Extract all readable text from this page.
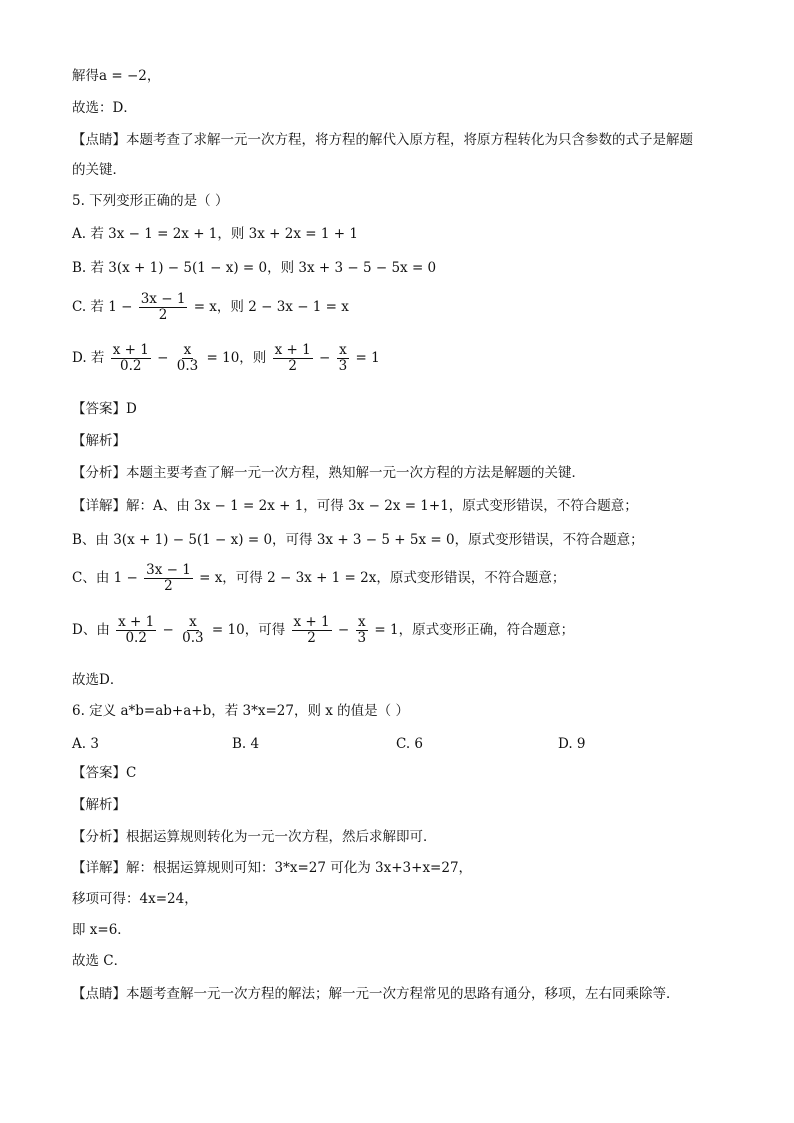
解得a = −2，
故选：D．
【点睛】本题考查了求解一元一次方程，将方程的解代入原方程，将原方程转化为只含参数的式子是解题
的关键．
5. 下列变形正确的是（ ）
A. 若 3x − 1 = 2x + 1，则 3x + 2x = 1 + 1
B. 若 3(x + 1) − 5(1 − x) = 0，则 3x + 3 − 5 − 5x = 0
C. 若 $1 - \frac{3x - 1}{2} = x$，则 2 − 3x − 1 = x
D. 若 $\frac{x + 1}{0.2} - \frac{x}{0.3} = 10$，则 $\frac{x + 1}{2} - \frac{x}{3} = 1$
【答案】D
【解析】
【分析】本题主要考查了解一元一次方程，熟知解一元一次方程的方法是解题的关键．
【详解】解：A、由 3x − 1 = 2x + 1，可得 3x − 2x = 1+1，原式变形错误，不符合题意；
B、由 3(x + 1) − 5(1 − x) = 0，可得 3x + 3 − 5 + 5x = 0，原式变形错误，不符合题意；
C、由 $1 - \frac{3x - 1}{2} = x$，可得 2 − 3x + 1 = 2x，原式变形错误，不符合题意；
D、由 $\frac{x + 1}{0.2} - \frac{x}{0.3} = 10$，可得 $\frac{x + 1}{2} - \frac{x}{3} = 1$，原式变形正确，符合题意；
故选D．
6. 定义 a*b=ab+a+b，若 3*x=27，则 x 的值是（ ）
A. 3	B. 4	C. 6	D. 9
【答案】C
【解析】
【分析】根据运算规则转化为一元一次方程，然后求解即可．
【详解】解：根据运算规则可知：3*x=27 可化为 3x+3+x=27，
移项可得：4x=24，
即 x=6．
故选 C．
【点睛】本题考查解一元一次方程的解法；解一元一次方程常见的思路有通分，移项，左右同乘除等．
